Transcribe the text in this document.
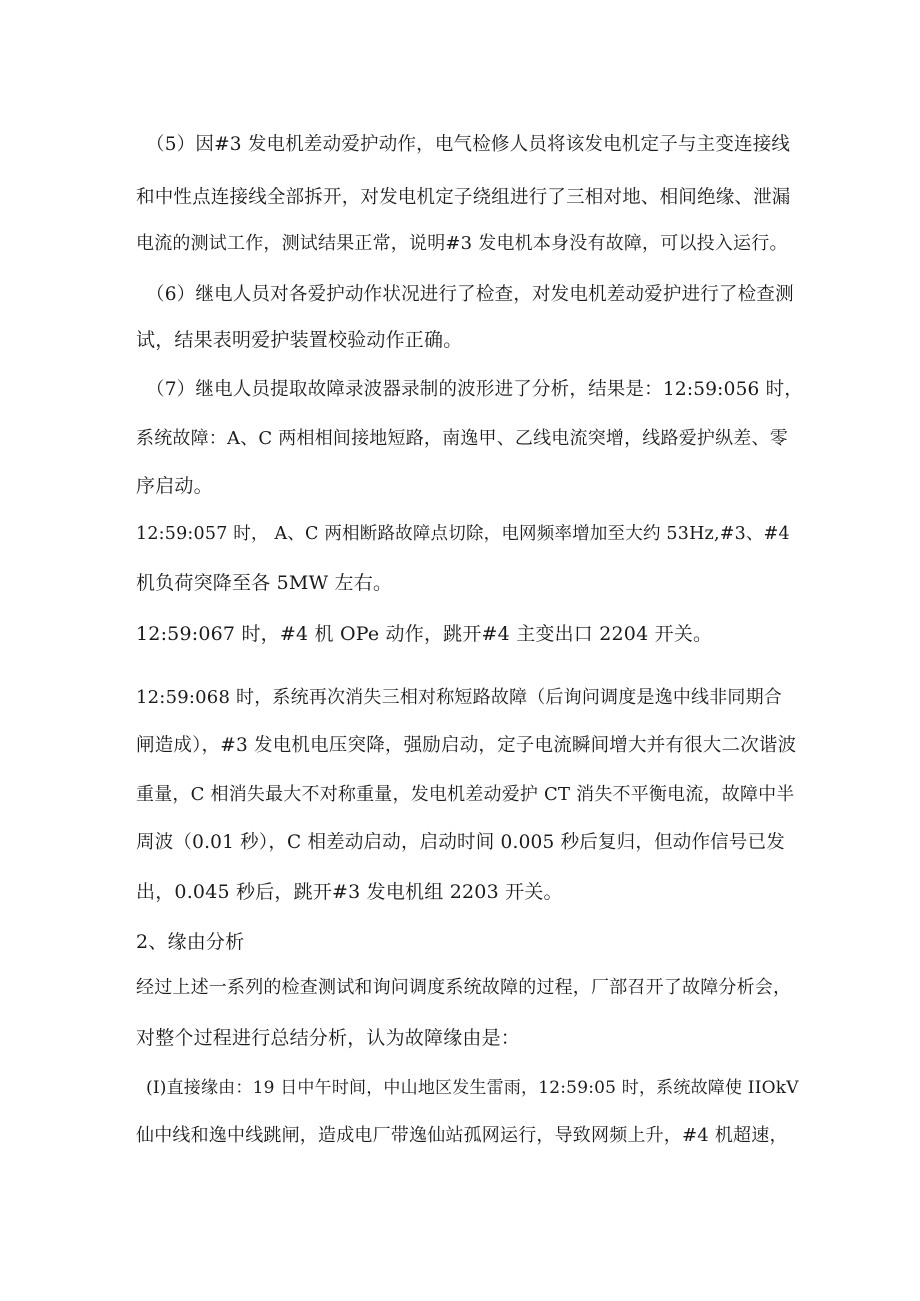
（5）因#3 发电机差动爱护动作，电气检修人员将该发电机定子与主变连接线
和中性点连接线全部拆开，对发电机定子绕组进行了三相对地、相间绝缘、泄漏
电流的测试工作，测试结果正常，说明#3 发电机本身没有故障，可以投入运行。
（6）继电人员对各爱护动作状况进行了检查，对发电机差动爱护进行了检查测
试，结果表明爱护装置校验动作正确。
（7）继电人员提取故障录波器录制的波形进了分析，结果是：12:59:056 时，
系统故障：A、C 两相相间接地短路，南逸甲、乙线电流突增，线路爱护纵差、零
序启动。
12:59:057 时， A、C 两相断路故障点切除，电网频率增加至大约 53Hz,#3、#4
机负荷突降至各 5MW 左右。
12:59:067 时，#4 机 OPe 动作，跳开#4 主变出口 2204 开关。
12:59:068 时，系统再次消失三相对称短路故障（后询问调度是逸中线非同期合
闸造成），#3 发电机电压突降，强励启动，定子电流瞬间增大并有很大二次谐波
重量，C 相消失最大不对称重量，发电机差动爱护 CT 消失不平衡电流，故障中半
周波（0.01 秒），C 相差动启动，启动时间 0.005 秒后复归，但动作信号已发
出，0.045 秒后，跳开#3 发电机组 2203 开关。
2、缘由分析
经过上述一系列的检查测试和询问调度系统故障的过程，厂部召开了故障分析会，
对整个过程进行总结分析，认为故障缘由是：
(I)直接缘由：19 日中午时间，中山地区发生雷雨，12:59:05 时，系统故障使 IIOkV
仙中线和逸中线跳闸，造成电厂带逸仙站孤网运行，导致网频上升，#4 机超速，
